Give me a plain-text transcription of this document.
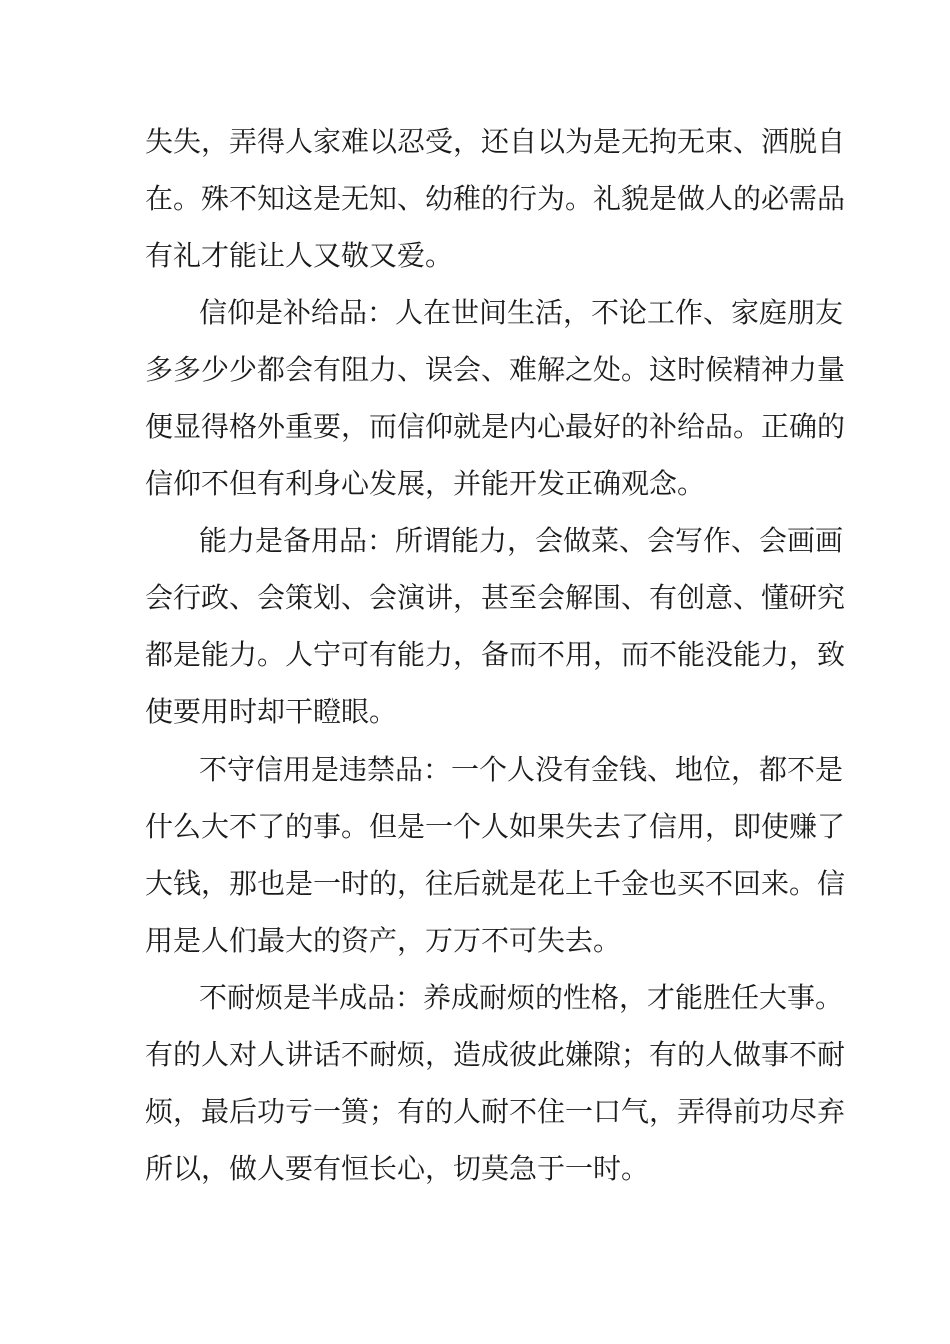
失失，弄得人家难以忍受，还自以为是无拘无束、洒脱自
在。殊不知这是无知、幼稚的行为。礼貌是做人的必需品
有礼才能让人又敬又爱。
信仰是补给品：人在世间生活，不论工作、家庭朋友
多多少少都会有阻力、误会、难解之处。这时候精神力量
便显得格外重要，而信仰就是内心最好的补给品。正确的
信仰不但有利身心发展，并能开发正确观念。
能力是备用品：所谓能力，会做菜、会写作、会画画
会行政、会策划、会演讲，甚至会解围、有创意、懂研究
都是能力。人宁可有能力，备而不用，而不能没能力，致
使要用时却干瞪眼。
不守信用是违禁品：一个人没有金钱、地位，都不是
什么大不了的事。但是一个人如果失去了信用，即使赚了
大钱，那也是一时的，往后就是花上千金也买不回来。信
用是人们最大的资产，万万不可失去。
不耐烦是半成品：养成耐烦的性格，才能胜任大事。
有的人对人讲话不耐烦，造成彼此嫌隙；有的人做事不耐
烦，最后功亏一篑；有的人耐不住一口气，弄得前功尽弃
所以，做人要有恒长心，切莫急于一时。
